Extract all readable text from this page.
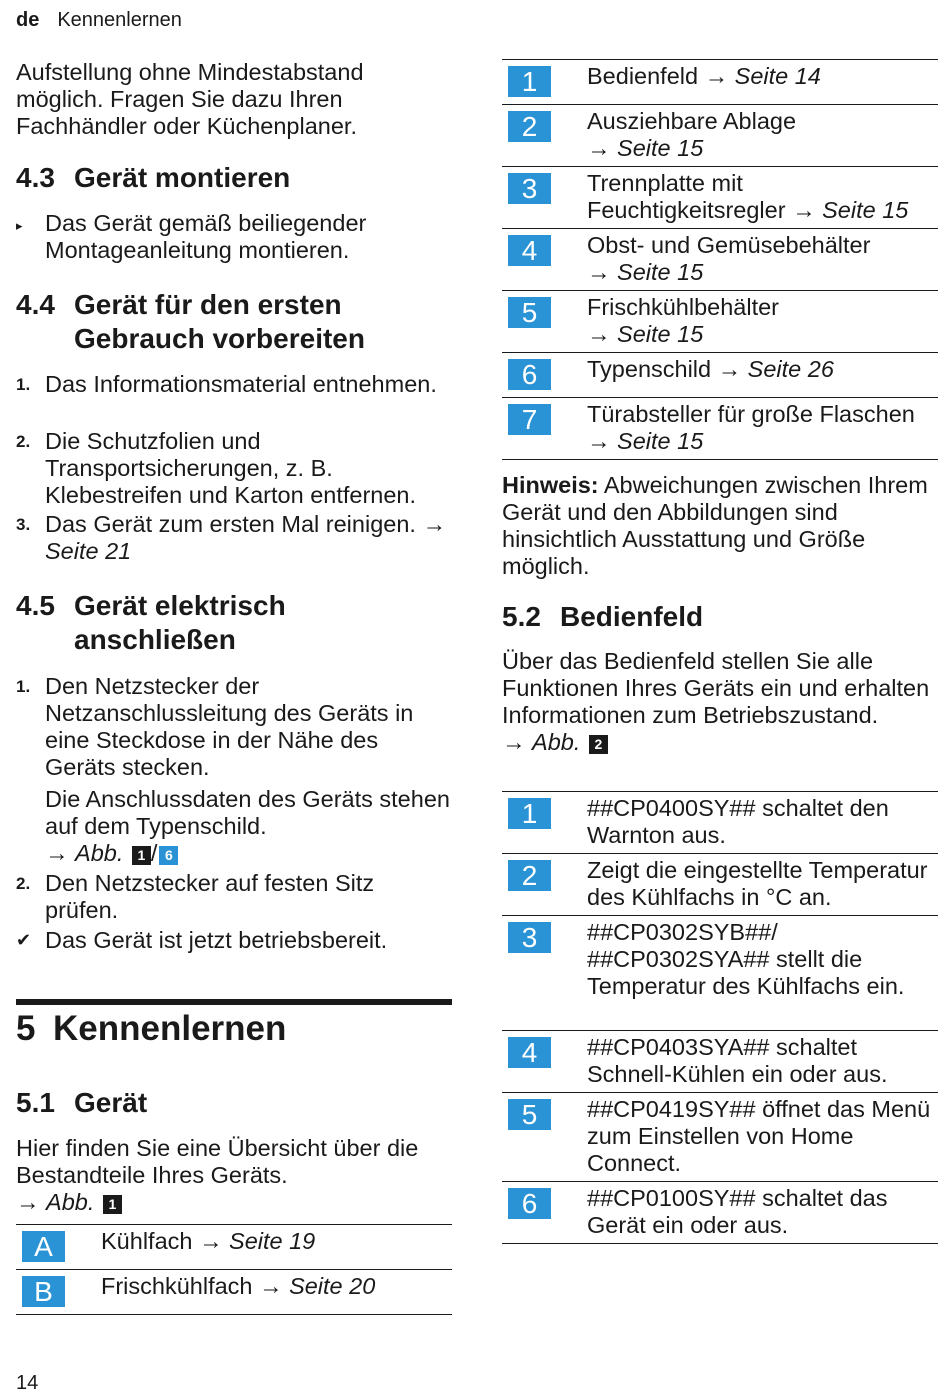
de Kennenlernen

Aufstellung ohne Mindestabstand möglich. Fragen Sie dazu Ihren Fachhändler oder Küchenplaner.

4.3 Gerät montieren
▸ Das Gerät gemäß beiliegender Montageanleitung montieren.
4.4 Gerät für den ersten Gebrauch vorbereiten
1. Das Informationsmaterial entnehmen.
2. Die Schutzfolien und Transportsicherungen, z. B. Klebestreifen und Karton entfernen.
3. Das Gerät zum ersten Mal reinigen. → Seite 21
4.5 Gerät elektrisch anschließen
1. Den Netzstecker der Netzanschlussleitung des Geräts in eine Steckdose in der Nähe des Geräts stecken.
Die Anschlussdaten des Geräts stehen auf dem Typenschild.
→ Abb. 1 / 6
2. Den Netzstecker auf festen Sitz prüfen.
✔ Das Gerät ist jetzt betriebsbereit.
5 Kennenlernen
5.1 Gerät

Hier finden Sie eine Übersicht über die Bestandteile Ihres Geräts.
→ Abb. 1

A	Kühlfach → Seite 19

B	Frischkühlfach → Seite 20
1	Bedienfeld → Seite 14

2	Ausziehbare Ablage
→ Seite 15

3	Trennplatte mit Feuchtigkeitsregler → Seite 15

4	Obst- und Gemüsebehälter
→ Seite 15

5	Frischkühlbehälter
→ Seite 15

6	Typenschild → Seite 26

7	Türabsteller für große Flaschen → Seite 15

Hinweis: Abweichungen zwischen Ihrem Gerät und den Abbildungen sind hinsichtlich Ausstattung und Größe möglich.

5.2 Bedienfeld

Über das Bedienfeld stellen Sie alle Funktionen Ihres Geräts ein und erhalten Informationen zum Betriebszustand.
→ Abb. 2

1	##CP0400SY## schaltet den Warnton aus.

2	Zeigt die eingestellte Temperatur des Kühlfachs in °C an.

3	##CP0302SYB##/ ##CP0302SYA## stellt die Temperatur des Kühlfachs ein.

4	##CP0403SYA## schaltet Schnell-Kühlen ein oder aus.

5	##CP0419SY## öffnet das Menü zum Einstellen von Home Connect.

6	##CP0100SY## schaltet das Gerät ein oder aus.
14
